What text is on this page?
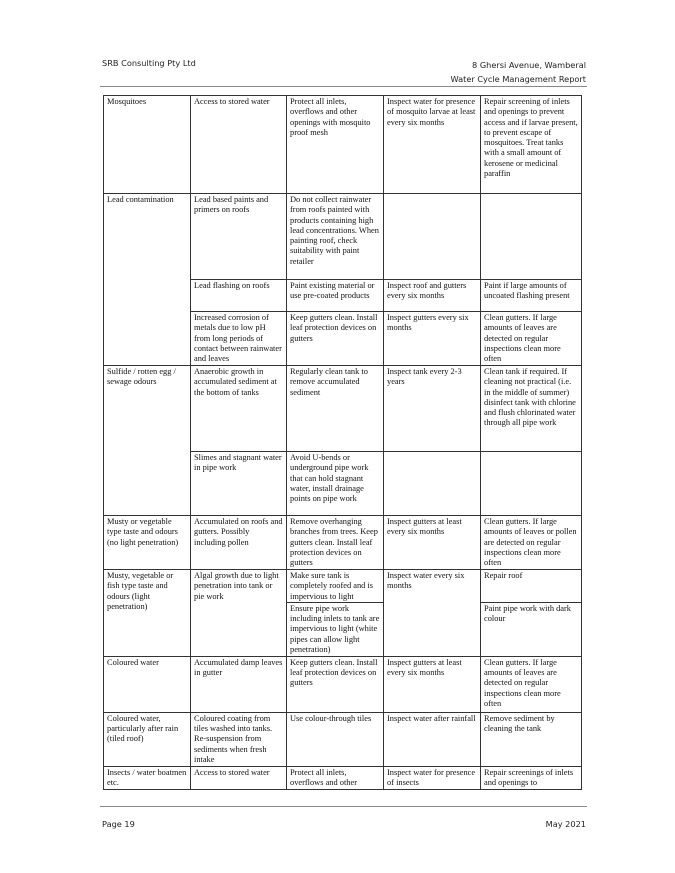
SRB Consulting Pty Ltd	8 Ghersi Avenue, Wamberal
Water Cycle Management Report
Mosquitoes	Access to stored water	Protect all inlets, overflows and other openings with mosquito proof mesh	Inspect water for presence of mosquito larvae at least every six months	Repair screening of inlets and openings to prevent access and if larvae present, to prevent escape of mosquitoes. Treat tanks with a small amount of kerosene or medicinal paraffin
Lead contamination	Lead based paints and primers on roofs	Do not collect rainwater from roofs painted with products containing high lead concentrations. When painting roof, check suitability with paint retailer		
	Lead flashing on roofs	Paint existing material or use pre-coated products	Inspect roof and gutters every six months	Paint if large amounts of uncoated flashing present
	Increased corrosion of metals due to low pH from long periods of contact between rainwater and leaves	Keep gutters clean. Install leaf protection devices on gutters	Inspect gutters every six months	Clean gutters. If large amounts of leaves are detected on regular inspections clean more often
Sulfide / rotten egg / sewage odours	Anaerobic growth in accumulated sediment at the bottom of tanks	Regularly clean tank to remove accumulated sediment	Inspect tank every 2-3 years	Clean tank if required. If cleaning not practical (i.e. in the middle of summer) disinfect tank with chlorine and flush chlorinated water through all pipe work
	Slimes and stagnant water in pipe work	Avoid U-bends or underground pipe work that can hold stagnant water, install drainage points on pipe work		
Musty or vegetable type taste and odours (no light penetration)	Accumulated on roofs and gutters. Possibly including pollen	Remove overhanging branches from trees. Keep gutters clean. Install leaf protection devices on gutters	Inspect gutters at least every six months	Clean gutters. If large amounts of leaves or pollen are detected on regular inspections clean more often
Musty, vegetable or fish type taste and odours (light penetration)	Algal growth due to light penetration into tank or pie work	Make sure tank is completely roofed and is impervious to light	Inspect water every six months	Repair roof
		Ensure pipe work including inlets to tank are impervious to light (white pipes can allow light penetration)		Paint pipe work with dark colour
Coloured water	Accumulated damp leaves in gutter	Keep gutters clean. Install leaf protection devices on gutters	Inspect gutters at least every six months	Clean gutters. If large amounts of leaves are detected on regular inspections clean more often
Coloured water, particularly after rain (tiled roof)	Coloured coating from tiles washed into tanks. Re-suspension from sediments when fresh intake	Use colour-through tiles	Inspect water after rainfall	Remove sediment by cleaning the tank
Insects / water boatmen etc.	Access to stored water	Protect all inlets, overflows and other	Inspect water for presence of insects	Repair screenings of inlets and openings to
Page 19	May 2021
